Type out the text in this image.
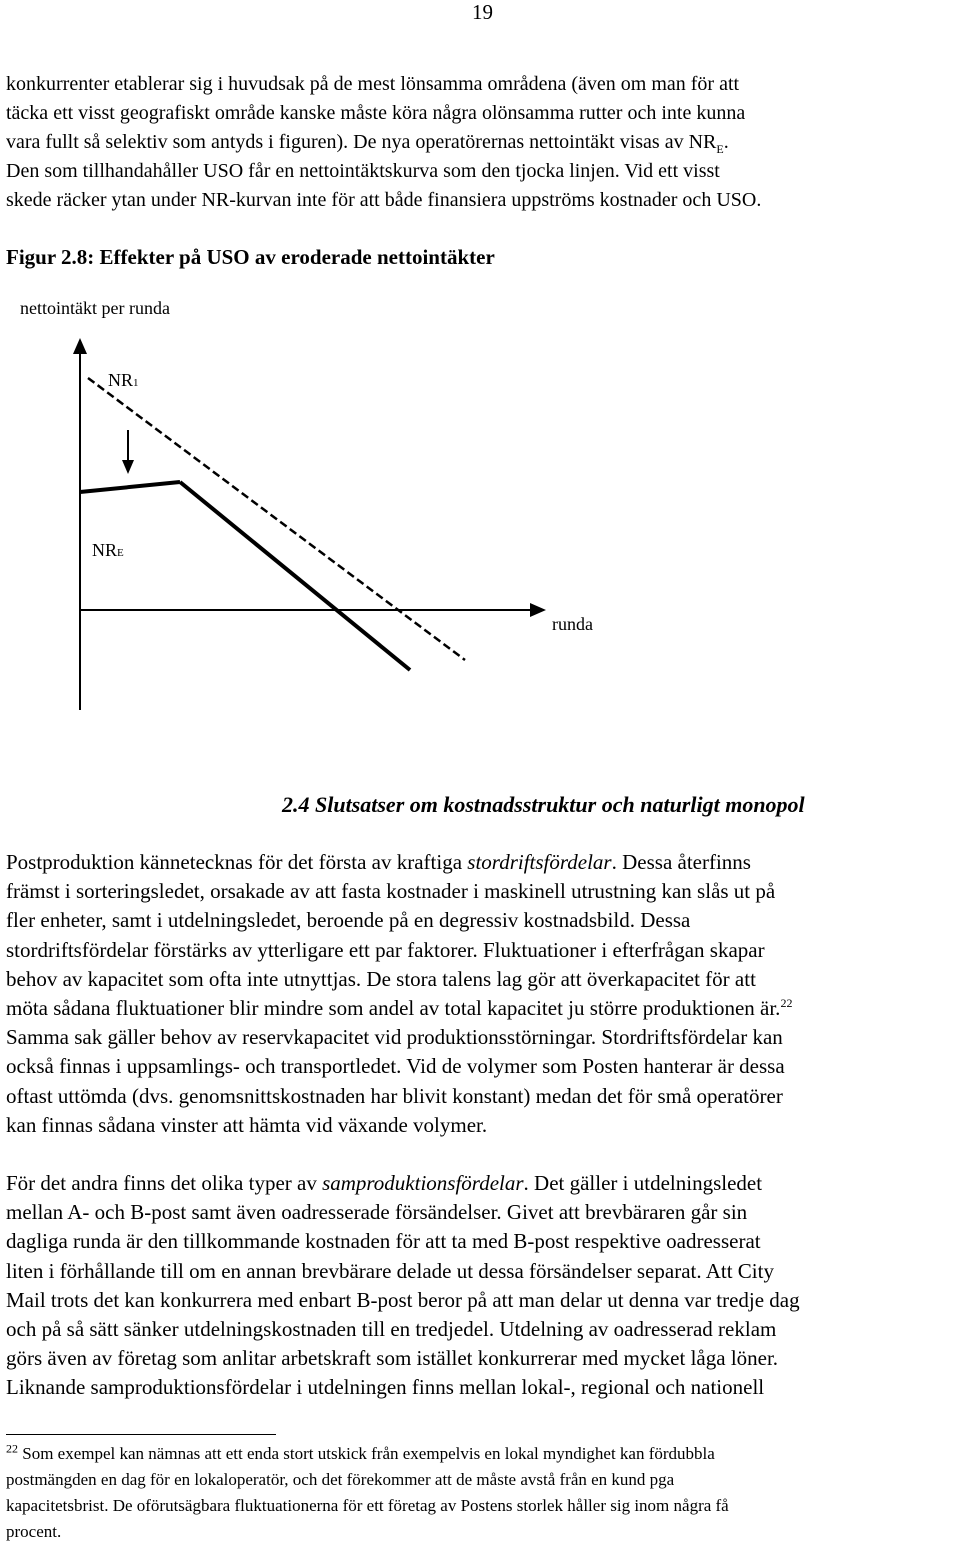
19
konkurrenter etablerar sig i huvudsak på de mest lönsamma områdena (även om man för att
täcka ett visst geografiskt område kanske måste köra några olönsamma rutter och inte kunna
vara fullt så selektiv som antyds i figuren). De nya operatörernas nettointäkt visas av $NR_E$.
Den som tillhandahåller USO får en nettointäktskurva som den tjocka linjen. Vid ett visst
skede räcker ytan under NR-kurvan inte för att både finansiera uppströms kostnader och USO.
Figur 2.8: Effekter på USO av eroderade nettointäkter
nettointäkt per runda
NR1
NRE
runda
2.4 Slutsatser om kostnadsstruktur och naturligt monopol
Postproduktion kännetecknas för det första av kraftiga stordriftsfördelar. Dessa återfinns
främst i sorteringsledet, orsakade av att fasta kostnader i maskinell utrustning kan slås ut på
fler enheter, samt i utdelningsledet, beroende på en degressiv kostnadsbild. Dessa
stordriftsfördelar förstärks av ytterligare ett par faktorer. Fluktuationer i efterfrågan skapar
behov av kapacitet som ofta inte utnyttjas. De stora talens lag gör att överkapacitet för att
möta sådana fluktuationer blir mindre som andel av total kapacitet ju större produktionen är.$^{22}$
Samma sak gäller behov av reservkapacitet vid produktionsstörningar. Stordriftsfördelar kan
också finnas i uppsamlings- och transportledet. Vid de volymer som Posten hanterar är dessa
oftast uttömda (dvs. genomsnittskostnaden har blivit konstant) medan det för små operatörer
kan finnas sådana vinster att hämta vid växande volymer.
För det andra finns det olika typer av samproduktionsfördelar. Det gäller i utdelningsledet
mellan A- och B-post samt även oadresserade försändelser. Givet att brevbäraren går sin
dagliga runda är den tillkommande kostnaden för att ta med B-post respektive oadresserat
liten i förhållande till om en annan brevbärare delade ut dessa försändelser separat. Att City
Mail trots det kan konkurrera med enbart B-post beror på att man delar ut denna var tredje dag
och på så sätt sänker utdelningskostnaden till en tredjedel. Utdelning av oadresserad reklam
görs även av företag som anlitar arbetskraft som istället konkurrerar med mycket låga löner.
Liknande samproduktionsfördelar i utdelningen finns mellan lokal-, regional och nationell
$^{22}$ Som exempel kan nämnas att ett enda stort utskick från exempelvis en lokal myndighet kan fördubbla
postmängden en dag för en lokaloperatör, och det förekommer att de måste avstå från en kund pga
kapacitetsbrist. De oförutsägbara fluktuationerna för ett företag av Postens storlek håller sig inom några få
procent.
